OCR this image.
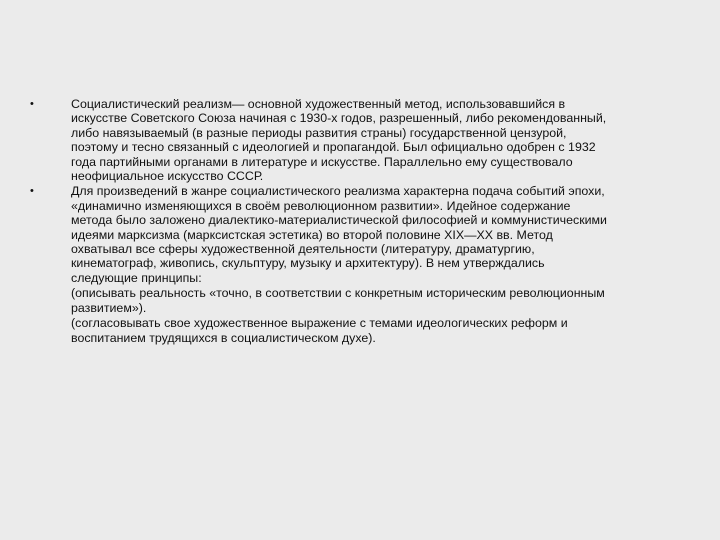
•	Социалистический реализм— основной художественный метод, использовавшийся в
искусстве Советского Союза начиная с 1930-х годов, разрешенный, либо рекомендованный,
либо навязываемый (в разные периоды развития страны) государственной цензурой,
поэтому и тесно связанный с идеологией и пропагандой. Был официально одобрен с 1932
года партийными органами в литературе и искусстве. Параллельно ему существовало
неофициальное искусство СССР.
•	Для произведений в жанре социалистического реализма характерна подача событий эпохи,
«динамично изменяющихся в своём революционном развитии». Идейное содержание
метода было заложено диалектико-материалистической философией и коммунистическими
идеями марксизма (марксистская эстетика) во второй половине XIX—XX вв. Метод
охватывал все сферы художественной деятельности (литературу, драматургию,
кинематограф, живопись, скульптуру, музыку и архитектуру). В нем утверждались
следующие принципы:
(описывать реальность «точно, в соответствии с конкретным историческим революционным
развитием»).
(согласовывать свое художественное выражение с темами идеологических реформ и
воспитанием трудящихся в социалистическом духе).
